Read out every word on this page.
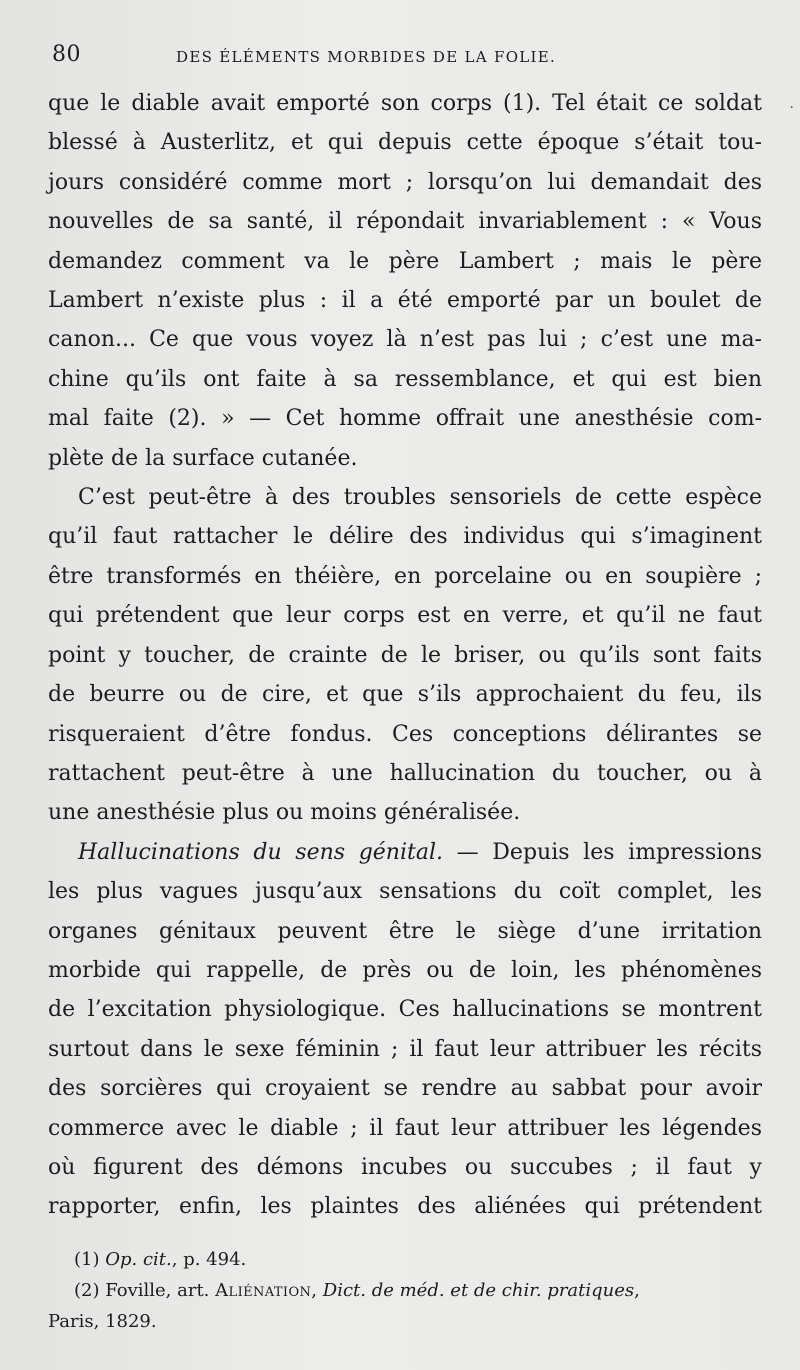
80	DES ÉLÉMENTS MORBIDES DE LA FOLIE.
·

que le diable avait emporté son corps (1). Tel était ce soldat
blessé à Austerlitz, et qui depuis cette époque s’était tou-
jours considéré comme mort ; lorsqu’on lui demandait des
nouvelles de sa santé, il répondait invariablement : « Vous
demandez comment va le père Lambert ; mais le père
Lambert n’existe plus : il a été emporté par un boulet de
canon... Ce que vous voyez là n’est pas lui ; c’est une ma-
chine qu’ils ont faite à sa ressemblance, et qui est bien
mal faite (2). » — Cet homme offrait une anesthésie com-
plète de la surface cutanée.

C’est peut-être à des troubles sensoriels de cette espèce
qu’il faut rattacher le délire des individus qui s’imaginent
être transformés en théière, en porcelaine ou en soupière ;
qui prétendent que leur corps est en verre, et qu’il ne faut
point y toucher, de crainte de le briser, ou qu’ils sont faits
de beurre ou de cire, et que s’ils approchaient du feu, ils
risqueraient d’être fondus. Ces conceptions délirantes se
rattachent peut-être à une hallucination du toucher, ou à
une anesthésie plus ou moins généralisée.

Hallucinations du sens génital. — Depuis les impressions
les plus vagues jusqu’aux sensations du coït complet, les
organes génitaux peuvent être le siège d’une irritation
morbide qui rappelle, de près ou de loin, les phénomènes
de l’excitation physiologique. Ces hallucinations se montrent
surtout dans le sexe féminin ; il faut leur attribuer les récits
des sorcières qui croyaient se rendre au sabbat pour avoir
commerce avec le diable ; il faut leur attribuer les légendes
où figurent des démons incubes ou succubes ; il faut y
rapporter, enfin, les plaintes des aliénées qui prétendent

(1) Op. cit., p. 494.

(2) Foville, art. Aliénation, Dict. de méd. et de chir. pratiques,

Paris, 1829.
